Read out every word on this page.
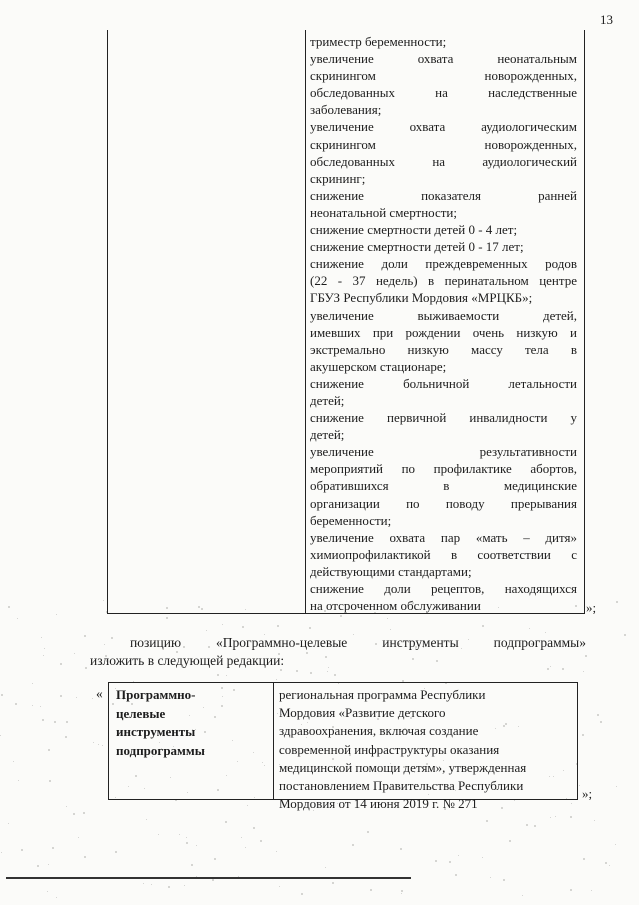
13
триместр беременности;
увеличение охвата неонатальным
скринингом новорожденных,
обследованных на наследственные
заболевания;
увеличение охвата аудиологическим
скринингом новорожденных,
обследованных на аудиологический
скрининг;
снижение показателя ранней
неонатальной смертности;
снижение смертности детей 0 - 4 лет;
снижение смертности детей 0 - 17 лет;
снижение доли преждевременных родов
(22 - 37 недель) в перинатальном центре
ГБУЗ Республики Мордовия «МРЦКБ»;
увеличение выживаемости детей,
имевших при рождении очень низкую и
экстремально низкую массу тела в
акушерском стационаре;
снижение больничной летальности
детей;
снижение первичной инвалидности у
детей;
увеличение результативности
мероприятий по профилактике абортов,
обратившихся в медицинские
организации по поводу прерывания
беременности;
увеличение охвата пар «мать – дитя»
химиопрофилактикой в соответствии с
действующими стандартами;
снижение доли рецептов, находящихся
на отсроченном обслуживании	»;
позицию «Программно-целевые инструменты подпрограммы»
изложить в следующей редакции:
« Программно-
целевые
инструменты
подпрограммы
региональная программа Республики
Мордовия «Развитие детского
здравоохранения, включая создание
современной инфраструктуры оказания
медицинской помощи детям», утвержденная
постановлением Правительства Республики
Мордовия от 14 июня 2019 г. № 271
»;
